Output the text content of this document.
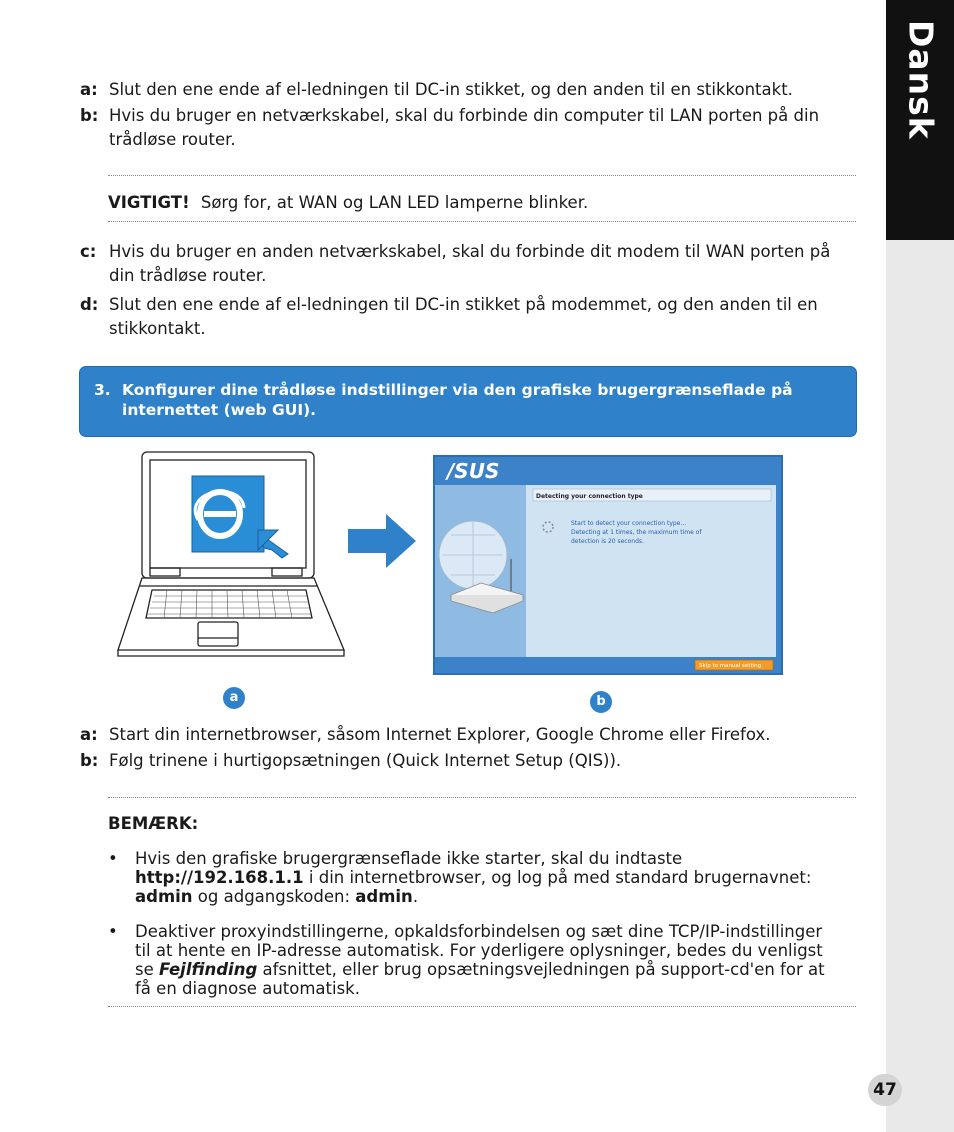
Dansk
a: Slut den ene ende af el-ledningen til DC-in stikket, og den anden til en stikkontakt.
b: Hvis du bruger en netværkskabel, skal du forbinde din computer til LAN porten på din trådløse router.
VIGTIGT! Sørg for, at WAN og LAN LED lamperne blinker.
c: Hvis du bruger en anden netværkskabel, skal du forbinde dit modem til WAN porten på din trådløse router.
d: Slut den ene ende af el-ledningen til DC-in stikket på modemmet, og den anden til en stikkontakt.
3. Konfigurer dine trådløse indstillinger via den grafiske brugergrænseflade på internettet (web GUI).
Detecting your connection type
Start to detect your connection type...
Detecting at 1 times, the maximum time of
detection is 20 seconds.
Skip to manual setting
/SUS
a	b
a: Start din internetbrowser, såsom Internet Explorer, Google Chrome eller Firefox.
b: Følg trinene i hurtigopsætningen (Quick Internet Setup (QIS)).
BEMÆRK:
• Hvis den grafiske brugergrænseflade ikke starter, skal du indtaste
http://192.168.1.1 i din internetbrowser, og log på med standard brugernavnet:
admin og adgangskoden: admin.
• Deaktiver proxyindstillingerne, opkaldsforbindelsen og sæt dine TCP/IP-indstillinger til at hente en IP-adresse automatisk. For yderligere oplysninger, bedes du venligst se Fejlfinding afsnittet, eller brug opsætningsvejledningen på support-cd'en for at få en diagnose automatisk.
47
